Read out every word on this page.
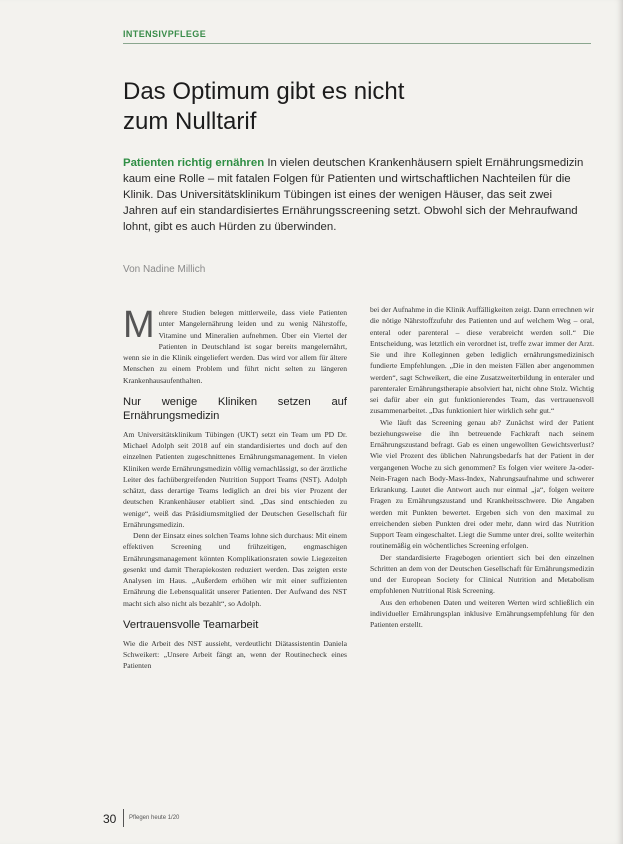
INTENSIVPFLEGE
Das Optimum gibt es nicht
zum Nulltarif

Patienten richtig ernähren In vielen deutschen Krankenhäusern spielt Ernährungsmedizin kaum eine Rolle – mit fatalen Folgen für Patienten und wirtschaftlichen Nachteilen für die Klinik. Das Universitätsklinikum Tübingen ist eines der wenigen Häuser, das seit zwei Jahren auf ein standardisiertes Ernährungsscreening setzt. Obwohl sich der Mehraufwand lohnt, gibt es auch Hürden zu überwinden.

Von Nadine Millich

Mehrere Studien belegen mittlerweile, dass viele Patienten unter Mangelernährung leiden und zu wenig Nährstoffe, Vitamine und Mineralien aufnehmen. Über ein Viertel der Patienten in Deutschland ist sogar bereits mangelernährt, wenn sie in die Klinik eingeliefert werden. Das wird vor allem für ältere Menschen zu einem Problem und führt nicht selten zu längeren Krankenhausaufenthalten.

Nur wenige Kliniken setzen auf Ernährungsmedizin

Am Universitätsklinikum Tübingen (UKT) setzt ein Team um PD Dr. Michael Adolph seit 2018 auf ein standardisiertes und doch auf den einzelnen Patienten zugeschnittenes Ernährungsmanagement. In vielen Kliniken werde Ernährungsmedizin völlig vernachlässigt, so der ärztliche Leiter des fachübergreifenden Nutrition Support Teams (NST). Adolph schätzt, dass derartige Teams lediglich an drei bis vier Prozent der deutschen Krankenhäuser etabliert sind. „Das sind entschieden zu wenige“, weiß das Präsidiumsmitglied der Deutschen Gesellschaft für Ernährungsmedizin.

Denn der Einsatz eines solchen Teams lohne sich durchaus: Mit einem effektiven Screening und frühzeitigen, engmaschigen Ernährungsmanagement könnten Komplikationsraten sowie Liegezeiten gesenkt und damit Therapiekosten reduziert werden. Das zeigten erste Analysen im Haus. „Außerdem erhöhen wir mit einer suffizienten Ernährung die Lebensqualität unserer Patienten. Der Aufwand des NST macht sich also nicht als bezahlt“, so Adolph.

Vertrauensvolle Teamarbeit

Wie die Arbeit des NST aussieht, verdeutlicht Diätassistentin Daniela Schweikert: „Unsere Arbeit fängt an, wenn der Routinecheck eines Patienten

bei der Aufnahme in die Klinik Auffälligkeiten zeigt. Dann errechnen wir die nötige Nährstoffzufuhr des Patienten und auf welchem Weg – oral, enteral oder parenteral – diese verabreicht werden soll.“ Die Entscheidung, was letztlich ein verordnet ist, treffe zwar immer der Arzt. Sie und ihre Kolleginnen geben lediglich ernährungsmedizinisch fundierte Empfehlungen. „Die in den meisten Fällen aber angenommen werden“, sagt Schweikert, die eine Zusatzweiterbildung in enteraler und parenteraler Ernährungstherapie absolviert hat, nicht ohne Stolz. Wichtig sei dafür aber ein gut funktionierendes Team, das vertrauensvoll zusammenarbeitet. „Das funktioniert hier wirklich sehr gut.“

Wie läuft das Screening genau ab? Zunächst wird der Patient beziehungsweise die ihn betreuende Fachkraft nach seinem Ernährungszustand befragt. Gab es einen ungewollten Gewichtsverlust? Wie viel Prozent des üblichen Nahrungsbedarfs hat der Patient in der vergangenen Woche zu sich genommen? Es folgen vier weitere Ja-oder-Nein-Fragen nach Body-Mass-Index, Nahrungsaufnahme und schwerer Erkrankung. Lautet die Antwort auch nur einmal „ja“, folgen weitere Fragen zu Ernährungszustand und Krankheitsschwere. Die Angaben werden mit Punkten bewertet. Ergeben sich von den maximal zu erreichenden sieben Punkten drei oder mehr, dann wird das Nutrition Support Team eingeschaltet. Liegt die Summe unter drei, sollte weiterhin routinemäßig ein wöchentliches Screening erfolgen.

Der standardisierte Fragebogen orientiert sich bei den einzelnen Schritten an dem von der Deutschen Gesellschaft für Ernährungsmedizin und der European Society for Clinical Nutrition and Metabolism empfohlenen Nutritional Risk Screening.

Aus den erhobenen Daten und weiteren Werten wird schließlich ein individueller Ernährungsplan inklusive Ernährungsempfehlung für den Patienten erstellt.

30 Pflegen heute 1/20
